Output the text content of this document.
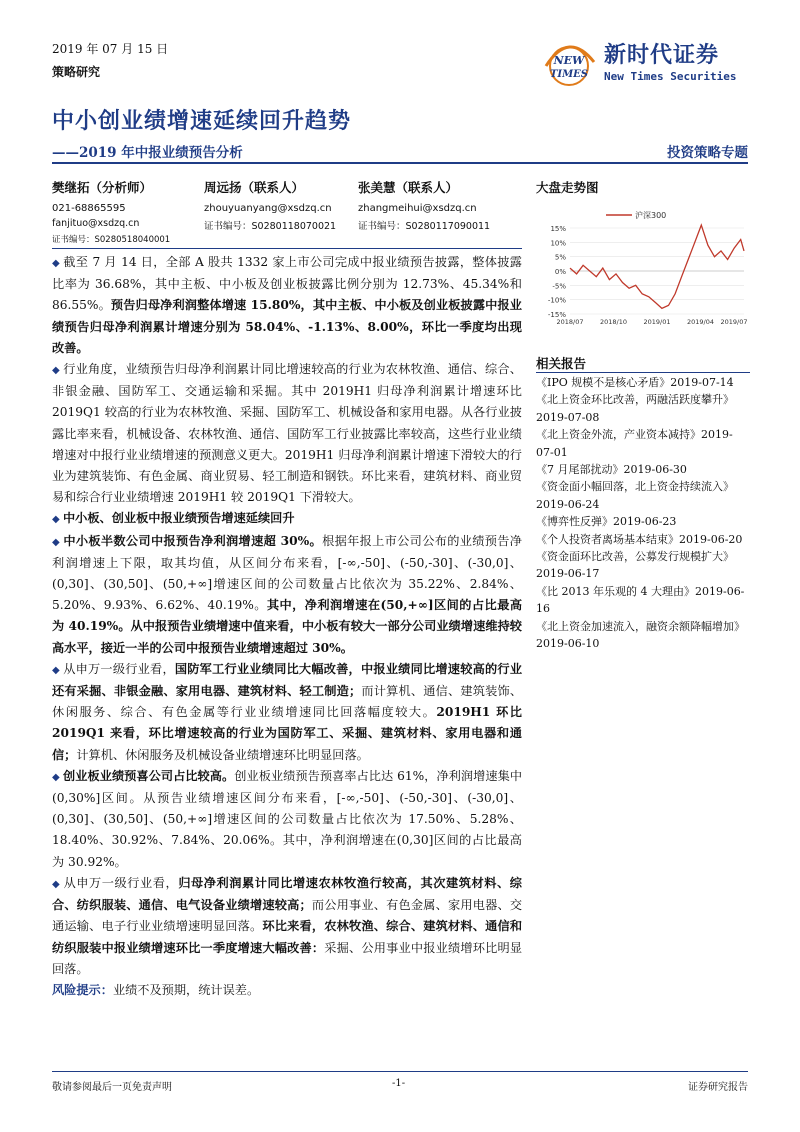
2019 年 07 月 15 日
策略研究
NEW
TIMES
新时代证券
New Times Securities
中小创业绩增速延续回升趋势
——2019 年中报业绩预告分析	投资策略专题
樊继拓（分析师）
021-68865595
fanjituo@xsdzq.cn
证书编号：S0280518040001
周远扬（联系人）
zhouyuanyang@xsdzq.cn
证书编号：S0280118070021
张美慧（联系人）
zhangmeihui@xsdzq.cn
证书编号：S0280117090011

◆ 截至 7 月 14 日，全部 A 股共 1332 家上市公司完成中报业绩预告披露，整体披露比率为 36.68%，其中主板、中小板及创业板披露比例分别为 12.73%、45.34%和 86.55%。预告归母净利润整体增速 15.80%，其中主板、中小板及创业板披露中报业绩预告归母净利润累计增速分别为 58.04%、-1.13%、8.00%，环比一季度均出现改善。

◆ 行业角度，业绩预告归母净利润累计同比增速较高的行业为农林牧渔、通信、综合、非银金融、国防军工、交通运输和采掘。其中 2019H1 归母净利润累计增速环比 2019Q1 较高的行业为农林牧渔、采掘、国防军工、机械设备和家用电器。从各行业披露比率来看，机械设备、农林牧渔、通信、国防军工行业披露比率较高，这些行业业绩增速对中报行业业绩增速的预测意义更大。2019H1 归母净利润累计增速下滑较大的行业为建筑装饰、有色金属、商业贸易、轻工制造和钢铁。环比来看，建筑材料、商业贸易和综合行业业绩增速 2019H1 较 2019Q1 下滑较大。

◆ 中小板、创业板中报业绩预告增速延续回升

◆ 中小板半数公司中报预告净利润增速超 30%。根据年报上市公司公布的业绩预告净利润增速上下限，取其均值，从区间分布来看，[-∞,-50]、(-50,-30]、(-30,0]、(0,30]、(30,50]、(50,+∞]增速区间的公司数量占比依次为 35.22%、2.84%、5.20%、9.93%、6.62%、40.19%。其中，净利润增速在(50,+∞]区间的占比最高为 40.19%。从中报预告业绩增速中值来看，中小板有较大一部分公司业绩增速维持较高水平，接近一半的公司中报预告业绩增速超过 30%。

◆ 从申万一级行业看，国防军工行业业绩同比大幅改善，中报业绩同比增速较高的行业还有采掘、非银金融、家用电器、建筑材料、轻工制造；而计算机、通信、建筑装饰、休闲服务、综合、有色金属等行业业绩增速同比回落幅度较大。2019H1 环比 2019Q1 来看，环比增速较高的行业为国防军工、采掘、建筑材料、家用电器和通信；计算机、休闲服务及机械设备业绩增速环比明显回落。

◆ 创业板业绩预喜公司占比较高。创业板业绩预告预喜率占比达 61%，净利润增速集中(0,30%]区间。从预告业绩增速区间分布来看，[-∞,-50]、(-50,-30]、(-30,0]、(0,30]、(30,50]、(50,+∞]增速区间的公司数量占比依次为 17.50%、5.28%、18.40%、30.92%、7.84%、20.06%。其中，净利润增速在(0,30]区间的占比最高为 30.92%。

◆ 从申万一级行业看，归母净利润累计同比增速农林牧渔行较高，其次建筑材料、综合、纺织服装、通信、电气设备业绩增速较高；而公用事业、有色金属、家用电器、交通运输、电子行业业绩增速明显回落。环比来看，农林牧渔、综合、建筑材料、通信和纺织服装中报业绩增速环比一季度增速大幅改善：采掘、公用事业中报业绩增环比明显回落。

风险提示：业绩不及预期，统计误差。

大盘走势图
15%
10%
5%
0%
-5%
-10%
-15%
2018/07	2018/10	2019/01	2019/04 2019/07
沪深300
相关报告
《IPO 规模不是核心矛盾》2019-07-14
《北上资金环比改善，两融活跃度攀升》2019-07-08
《北上资金外流，产业资本减持》2019-07-01
《7 月尾部扰动》2019-06-30
《资金面小幅回落，北上资金持续流入》2019-06-24
《博弈性反弹》2019-06-23
《个人投资者离场基本结束》2019-06-20
《资金面环比改善，公募发行规模扩大》2019-06-17
《比 2013 年乐观的 4 大理由》2019-06-16
《北上资金加速流入，融资余额降幅增加》2019-06-10
敬请参阅最后一页免责声明	-1-	证券研究报告
